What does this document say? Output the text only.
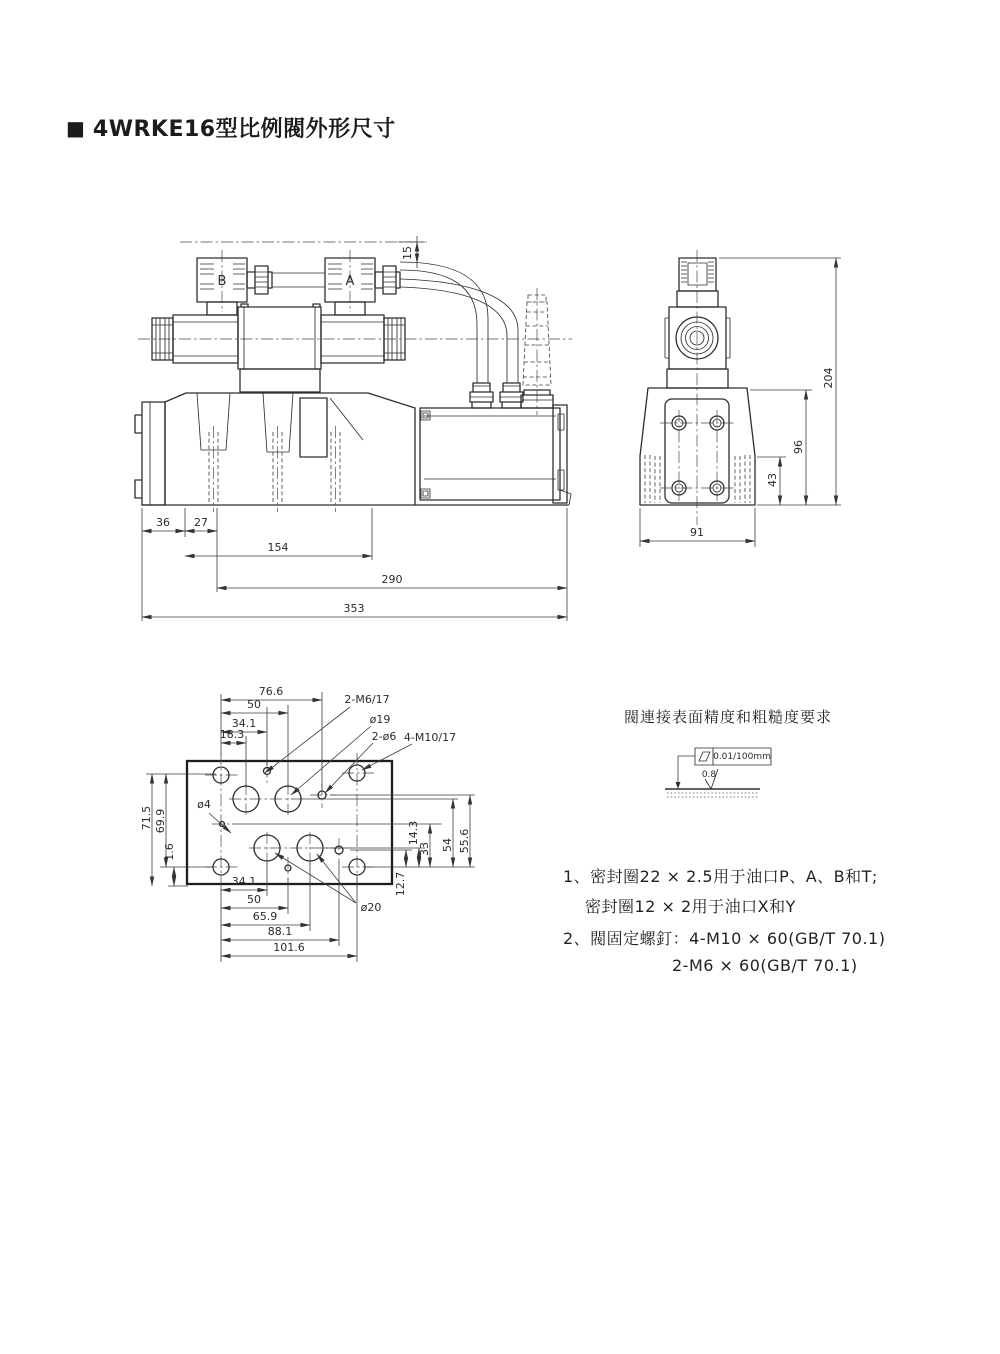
■ 4WRKE16型比例閥外形尺寸
15
B	A
36 27
154
290
353
204
96
43
91
2-M6/17
ø19
2-ø6 4-M10/17
ø4
ø20
76.6
50
34.1
18.3
71.5 69.9
1.6
12.7
14.3
33 54 55.6
34.1
50
65.9
88.1
101.6
閥連接表面精度和粗糙度要求
0.01/100mm
0.8
1、密封圈22 × 2.5用于油口P、A、B和T;
密封圈12 × 2用于油口X和Y
2、閥固定螺釘：4-M10 × 60(GB/T 70.1)
2-M6 × 60(GB/T 70.1)
